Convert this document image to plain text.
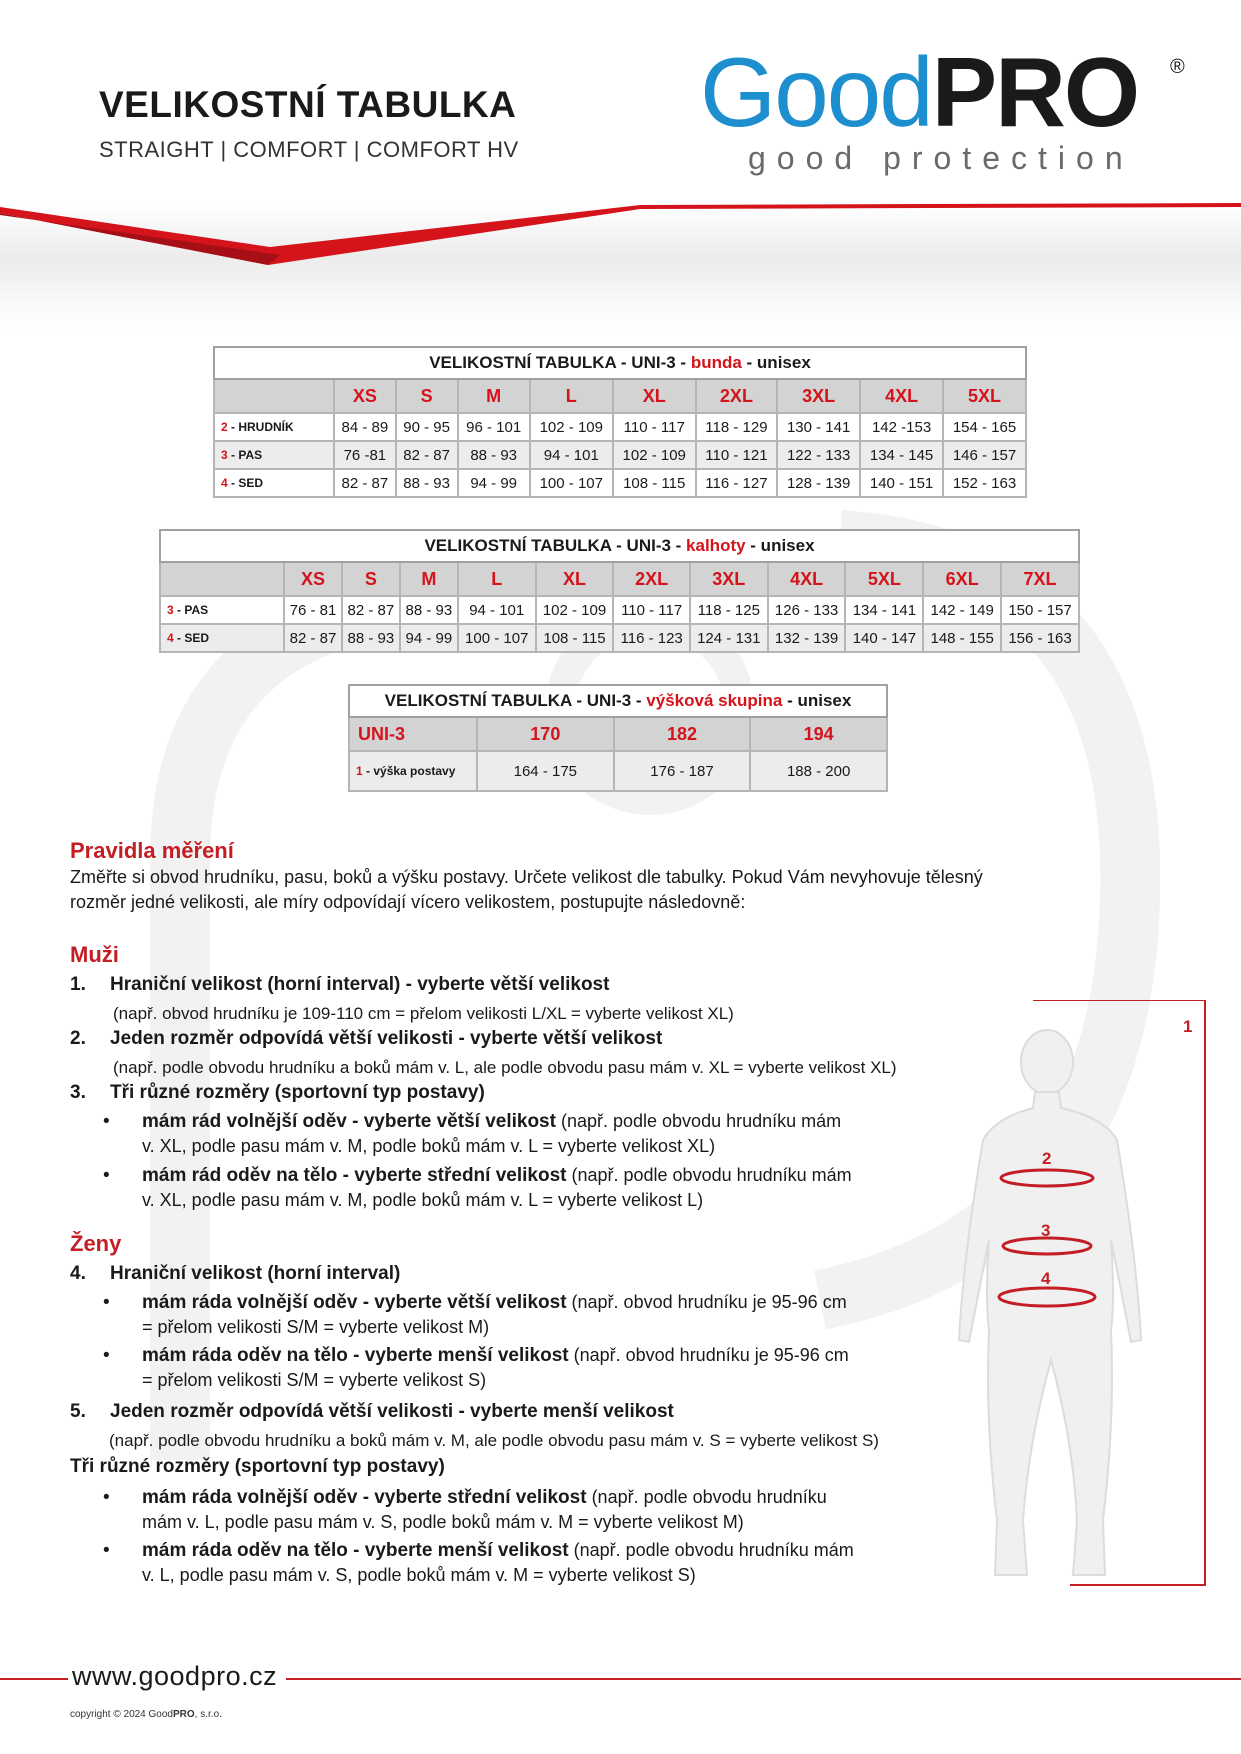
VELIKOSTNÍ TABULKA
STRAIGHT | COMFORT | COMFORT HV
GoodPRO ®
good protection
VELIKOSTNÍ TABULKA - UNI-3 - bunda - unisex									
	XS	S	M	L	XL	2XL	3XL	4XL	5XL
2 - HRUDNÍK	84 - 89	90 - 95	96 - 101	102 - 109	110 - 117	118 - 129	130 - 141	142 -153	154 - 165
3 - PAS	76 -81	82 - 87	88 - 93	94 - 101	102 - 109	110 - 121	122 - 133	134 - 145	146 - 157
4 - SED	82 - 87	88 - 93	94 - 99	100 - 107	108 - 115	116 - 127	128 - 139	140 - 151	152 - 163
VELIKOSTNÍ TABULKA - UNI-3 - kalhoty - unisex											
	XS	S	M	L	XL	2XL	3XL	4XL	5XL	6XL	7XL
3 - PAS	76 - 81	82 - 87	88 - 93	94 - 101	102 - 109	110 - 117	118 - 125	126 - 133	134 - 141	142 - 149	150 - 157
4 - SED	82 - 87	88 - 93	94 - 99	100 - 107	108 - 115	116 - 123	124 - 131	132 - 139	140 - 147	148 - 155	156 - 163
VELIKOSTNÍ TABULKA - UNI-3 - výšková skupina - unisex			
UNI-3	170	182	194
1 - výška postavy	164 - 175	176 - 187	188 - 200
Pravidla měření
Změřte si obvod hrudníku, pasu, boků a výšku postavy. Určete velikost dle tabulky. Pokud Vám nevyhovuje tělesný
rozměr jedné velikosti, ale míry odpovídají vícero velikostem, postupujte následovně:
Muži
1. Hraniční velikost (horní interval) - vyberte větší velikost
(např. obvod hrudníku je 109-110 cm = přelom velikosti L/XL = vyberte velikost XL)
2. Jeden rozměr odpovídá větší velikosti - vyberte větší velikost
(např. podle obvodu hrudníku a boků mám v. L, ale podle obvodu pasu mám v. XL = vyberte velikost XL)
3. Tři různé rozměry (sportovní typ postavy)
• mám rád volnější oděv - vyberte větší velikost (např. podle obvodu hrudníku mám
v. XL, podle pasu mám v. M, podle boků mám v. L = vyberte velikost XL)
• mám rád oděv na tělo - vyberte střední velikost (např. podle obvodu hrudníku mám
v. XL, podle pasu mám v. M, podle boků mám v. L = vyberte velikost L)
Ženy
4. Hraniční velikost (horní interval)
• mám ráda volnější oděv - vyberte větší velikost (např. obvod hrudníku je 95-96 cm
= přelom velikosti S/M = vyberte velikost M)
• mám ráda oděv na tělo - vyberte menší velikost (např. obvod hrudníku je 95-96 cm
= přelom velikosti S/M = vyberte velikost S)
5. Jeden rozměr odpovídá větší velikosti - vyberte menší velikost
(např. podle obvodu hrudníku a boků mám v. M, ale podle obvodu pasu mám v. S = vyberte velikost S)
Tři různé rozměry (sportovní typ postavy)
• mám ráda volnější oděv - vyberte střední velikost (např. podle obvodu hrudníku
mám v. L, podle pasu mám v. S, podle boků mám v. M = vyberte velikost M)
• mám ráda oděv na tělo - vyberte menší velikost (např. podle obvodu hrudníku mám
v. L, podle pasu mám v. S, podle boků mám v. M = vyberte velikost S)
1
2
3
4
www.goodpro.cz
copyright © 2024 GoodPRO, s.r.o.
